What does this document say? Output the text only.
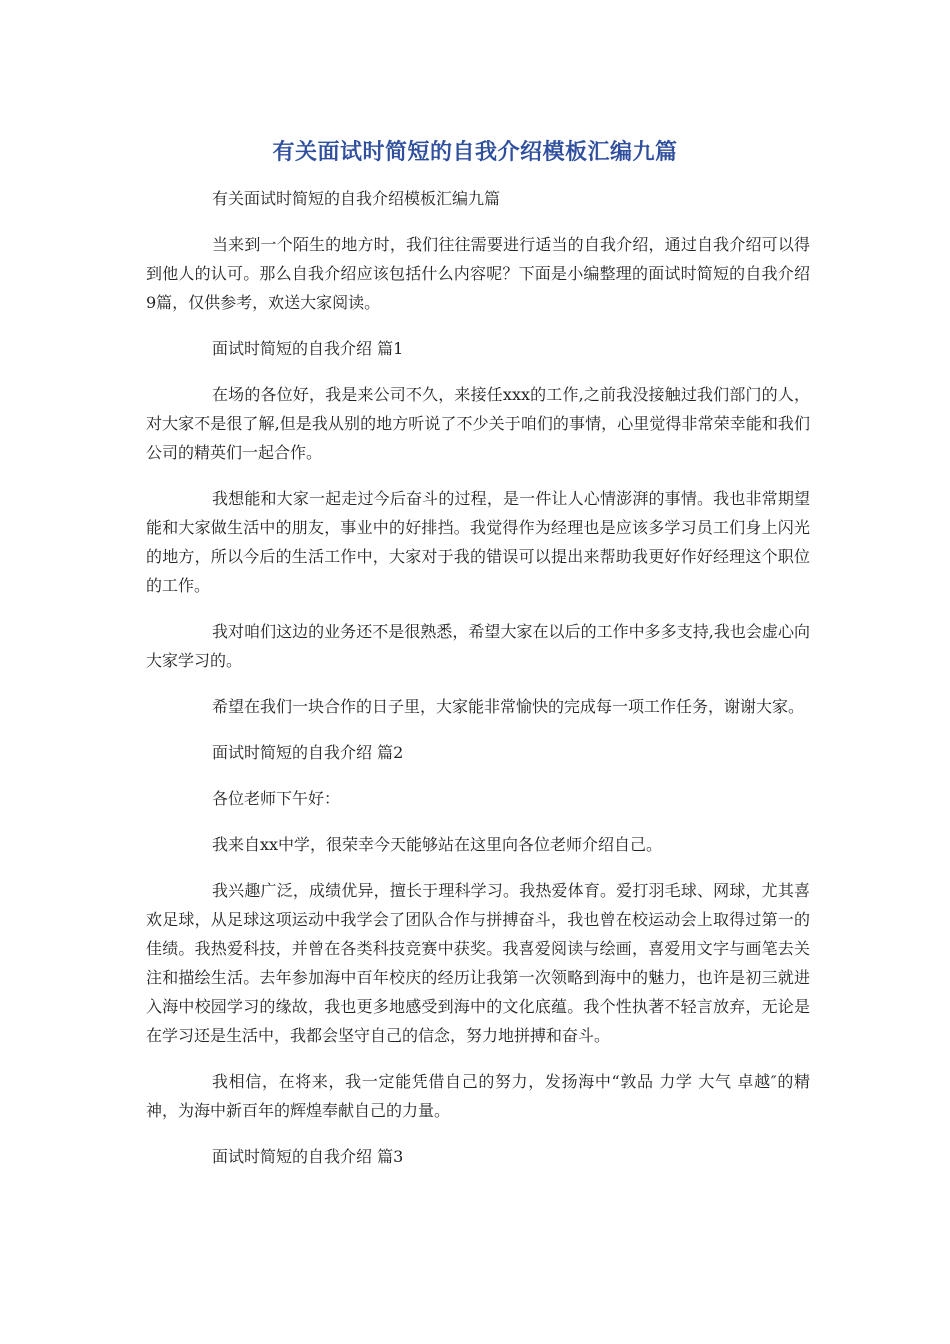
有关面试时简短的自我介绍模板汇编九篇

有关面试时简短的自我介绍模板汇编九篇

当来到一个陌生的地方时，我们往往需要进行适当的自我介绍，通过自我介绍可以得到他人的认可。那么自我介绍应该包括什么内容呢？下面是小编整理的面试时简短的自我介绍9篇，仅供参考，欢送大家阅读。

面试时简短的自我介绍 篇1

在场的各位好，我是来公司不久，来接任xxx的工作,之前我没接触过我们部门的人，对大家不是很了解,但是我从别的地方听说了不少关于咱们的事情，心里觉得非常荣幸能和我们公司的精英们一起合作。

我想能和大家一起走过今后奋斗的过程，是一件让人心情澎湃的事情。我也非常期望能和大家做生活中的朋友，事业中的好排挡。我觉得作为经理也是应该多学习员工们身上闪光的地方，所以今后的生活工作中，大家对于我的错误可以提出来帮助我更好作好经理这个职位的工作。

我对咱们这边的业务还不是很熟悉，希望大家在以后的工作中多多支持,我也会虚心向大家学习的。

希望在我们一块合作的日子里，大家能非常愉快的完成每一项工作任务，谢谢大家。

面试时简短的自我介绍 篇2

各位老师下午好：

我来自xx中学，很荣幸今天能够站在这里向各位老师介绍自己。

我兴趣广泛，成绩优异，擅长于理科学习。我热爱体育。爱打羽毛球、网球，尤其喜欢足球，从足球这项运动中我学会了团队合作与拼搏奋斗，我也曾在校运动会上取得过第一的佳绩。我热爱科技，并曾在各类科技竞赛中获奖。我喜爱阅读与绘画，喜爱用文字与画笔去关注和描绘生活。去年参加海中百年校庆的经历让我第一次领略到海中的魅力，也许是初三就进入海中校园学习的缘故，我也更多地感受到海中的文化底蕴。我个性执著不轻言放弃，无论是在学习还是生活中，我都会坚守自己的信念，努力地拼搏和奋斗。

我相信，在将来，我一定能凭借自己的努力，发扬海中“敦品 力学 大气 卓越″的精神，为海中新百年的辉煌奉献自己的力量。

面试时简短的自我介绍 篇3
